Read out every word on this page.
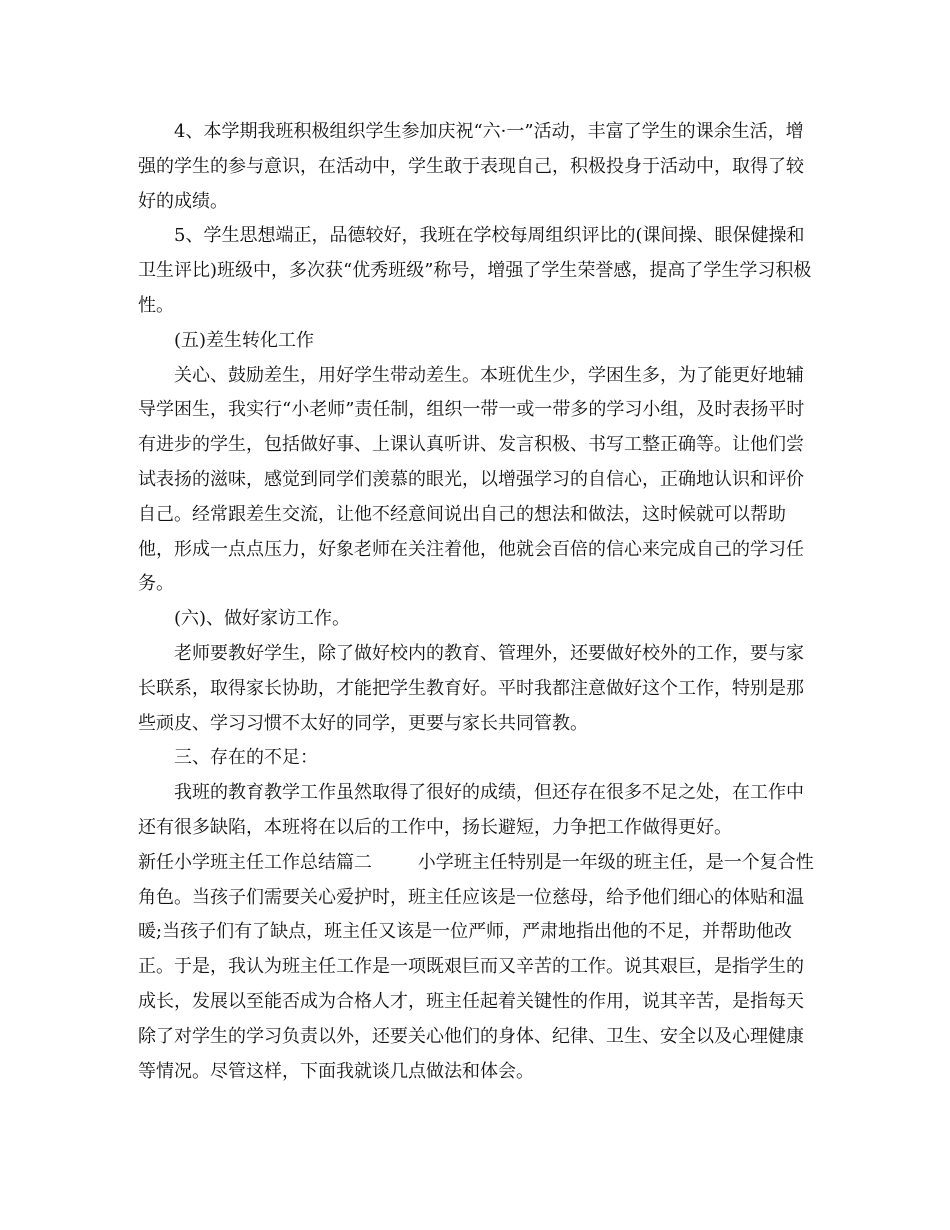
4、本学期我班积极组织学生参加庆祝“六·一”活动，丰富了学生的课余生活，增强的学生的参与意识，在活动中，学生敢于表现自己，积极投身于活动中，取得了较好的成绩。

5、学生思想端正，品德较好，我班在学校每周组织评比的(课间操、眼保健操和卫生评比)班级中，多次获“优秀班级”称号，增强了学生荣誉感，提高了学生学习积极性。

(五)差生转化工作

关心、鼓励差生，用好学生带动差生。本班优生少，学困生多，为了能更好地辅导学困生，我实行“小老师”责任制，组织一带一或一带多的学习小组，及时表扬平时有进步的学生，包括做好事、上课认真听讲、发言积极、书写工整正确等。让他们尝试表扬的滋味，感觉到同学们羡慕的眼光，以增强学习的自信心，正确地认识和评价自己。经常跟差生交流，让他不经意间说出自己的想法和做法，这时候就可以帮助他，形成一点点压力，好象老师在关注着他，他就会百倍的信心来完成自己的学习任务。

(六)、做好家访工作。

老师要教好学生，除了做好校内的教育、管理外，还要做好校外的工作，要与家长联系，取得家长协助，才能把学生教育好。平时我都注意做好这个工作，特别是那些顽皮、学习习惯不太好的同学，更要与家长共同管教。

三、存在的不足：

我班的教育教学工作虽然取得了很好的成绩，但还存在很多不足之处，在工作中还有很多缺陷，本班将在以后的工作中，扬长避短，力争把工作做得更好。

新任小学班主任工作总结篇二        小学班主任特别是一年级的班主任，是一个复合性角色。当孩子们需要关心爱护时，班主任应该是一位慈母，给予他们细心的体贴和温暖;当孩子们有了缺点，班主任又该是一位严师，严肃地指出他的不足，并帮助他改正。于是，我认为班主任工作是一项既艰巨而又辛苦的工作。说其艰巨，是指学生的成长，发展以至能否成为合格人才，班主任起着关键性的作用，说其辛苦，是指每天除了对学生的学习负责以外，还要关心他们的身体、纪律、卫生、安全以及心理健康等情况。尽管这样，下面我就谈几点做法和体会。
